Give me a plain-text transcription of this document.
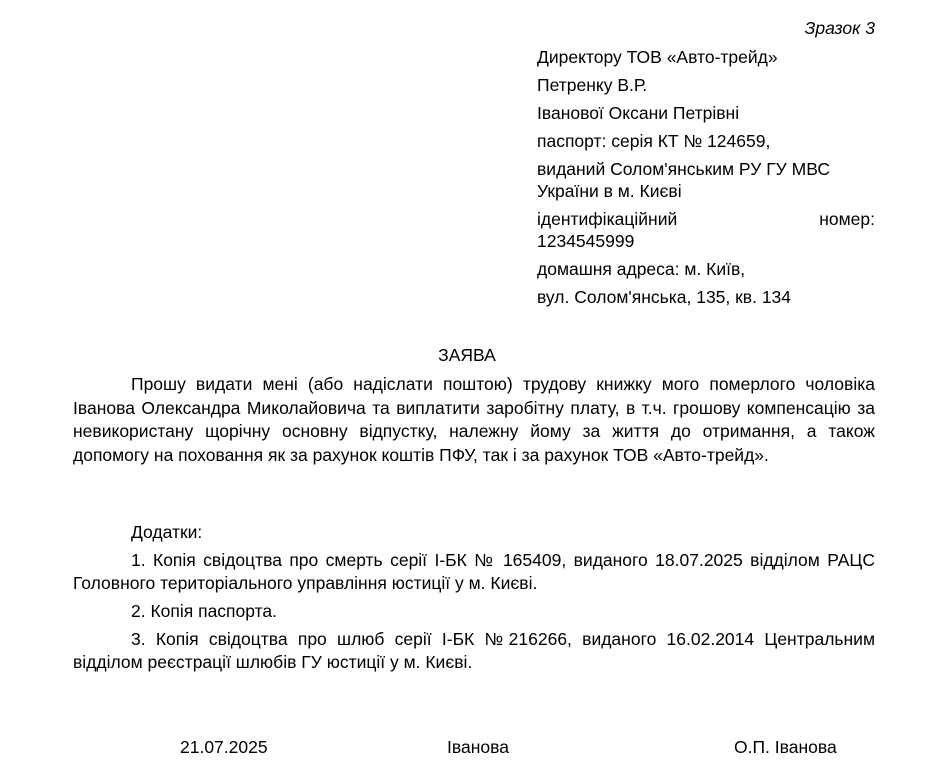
Зразок 3
Директору ТОВ «Авто-трейд»
Петренку В.Р.
Іванової Оксани Петрівні
паспорт: серія КТ № 124659,
виданий Солом'янським РУ ГУ МВС
України в м. Києві
ідентифікаційний номер:
1234545999
домашня адреса: м. Київ,
вул. Солом'янська, 135, кв. 134
ЗАЯВА
Прошу видати мені (або надіслати поштою) трудову книжку мого померлого чоловіка Іванова Олександра Миколайовича та виплатити заробітну плату, в т.ч. грошову компенсацію за невикористану щорічну основну відпустку, належну йому за життя до отримання, а також допомогу на поховання як за рахунок коштів ПФУ, так і за рахунок ТОВ «Авто-трейд».
Додатки:
1. Копія свідоцтва про смерть серії І-БК № 165409, виданого 18.07.2025 відділом РАЦС Головного територіального управління юстиції у м. Києві.
2. Копія паспорта.
3. Копія свідоцтва про шлюб серії І-БК №216266, виданого 16.02.2014 Центральним відділом реєстрації шлюбів ГУ юстиції у м. Києві.
21.07.2025	Іванова	О.П. Іванова
